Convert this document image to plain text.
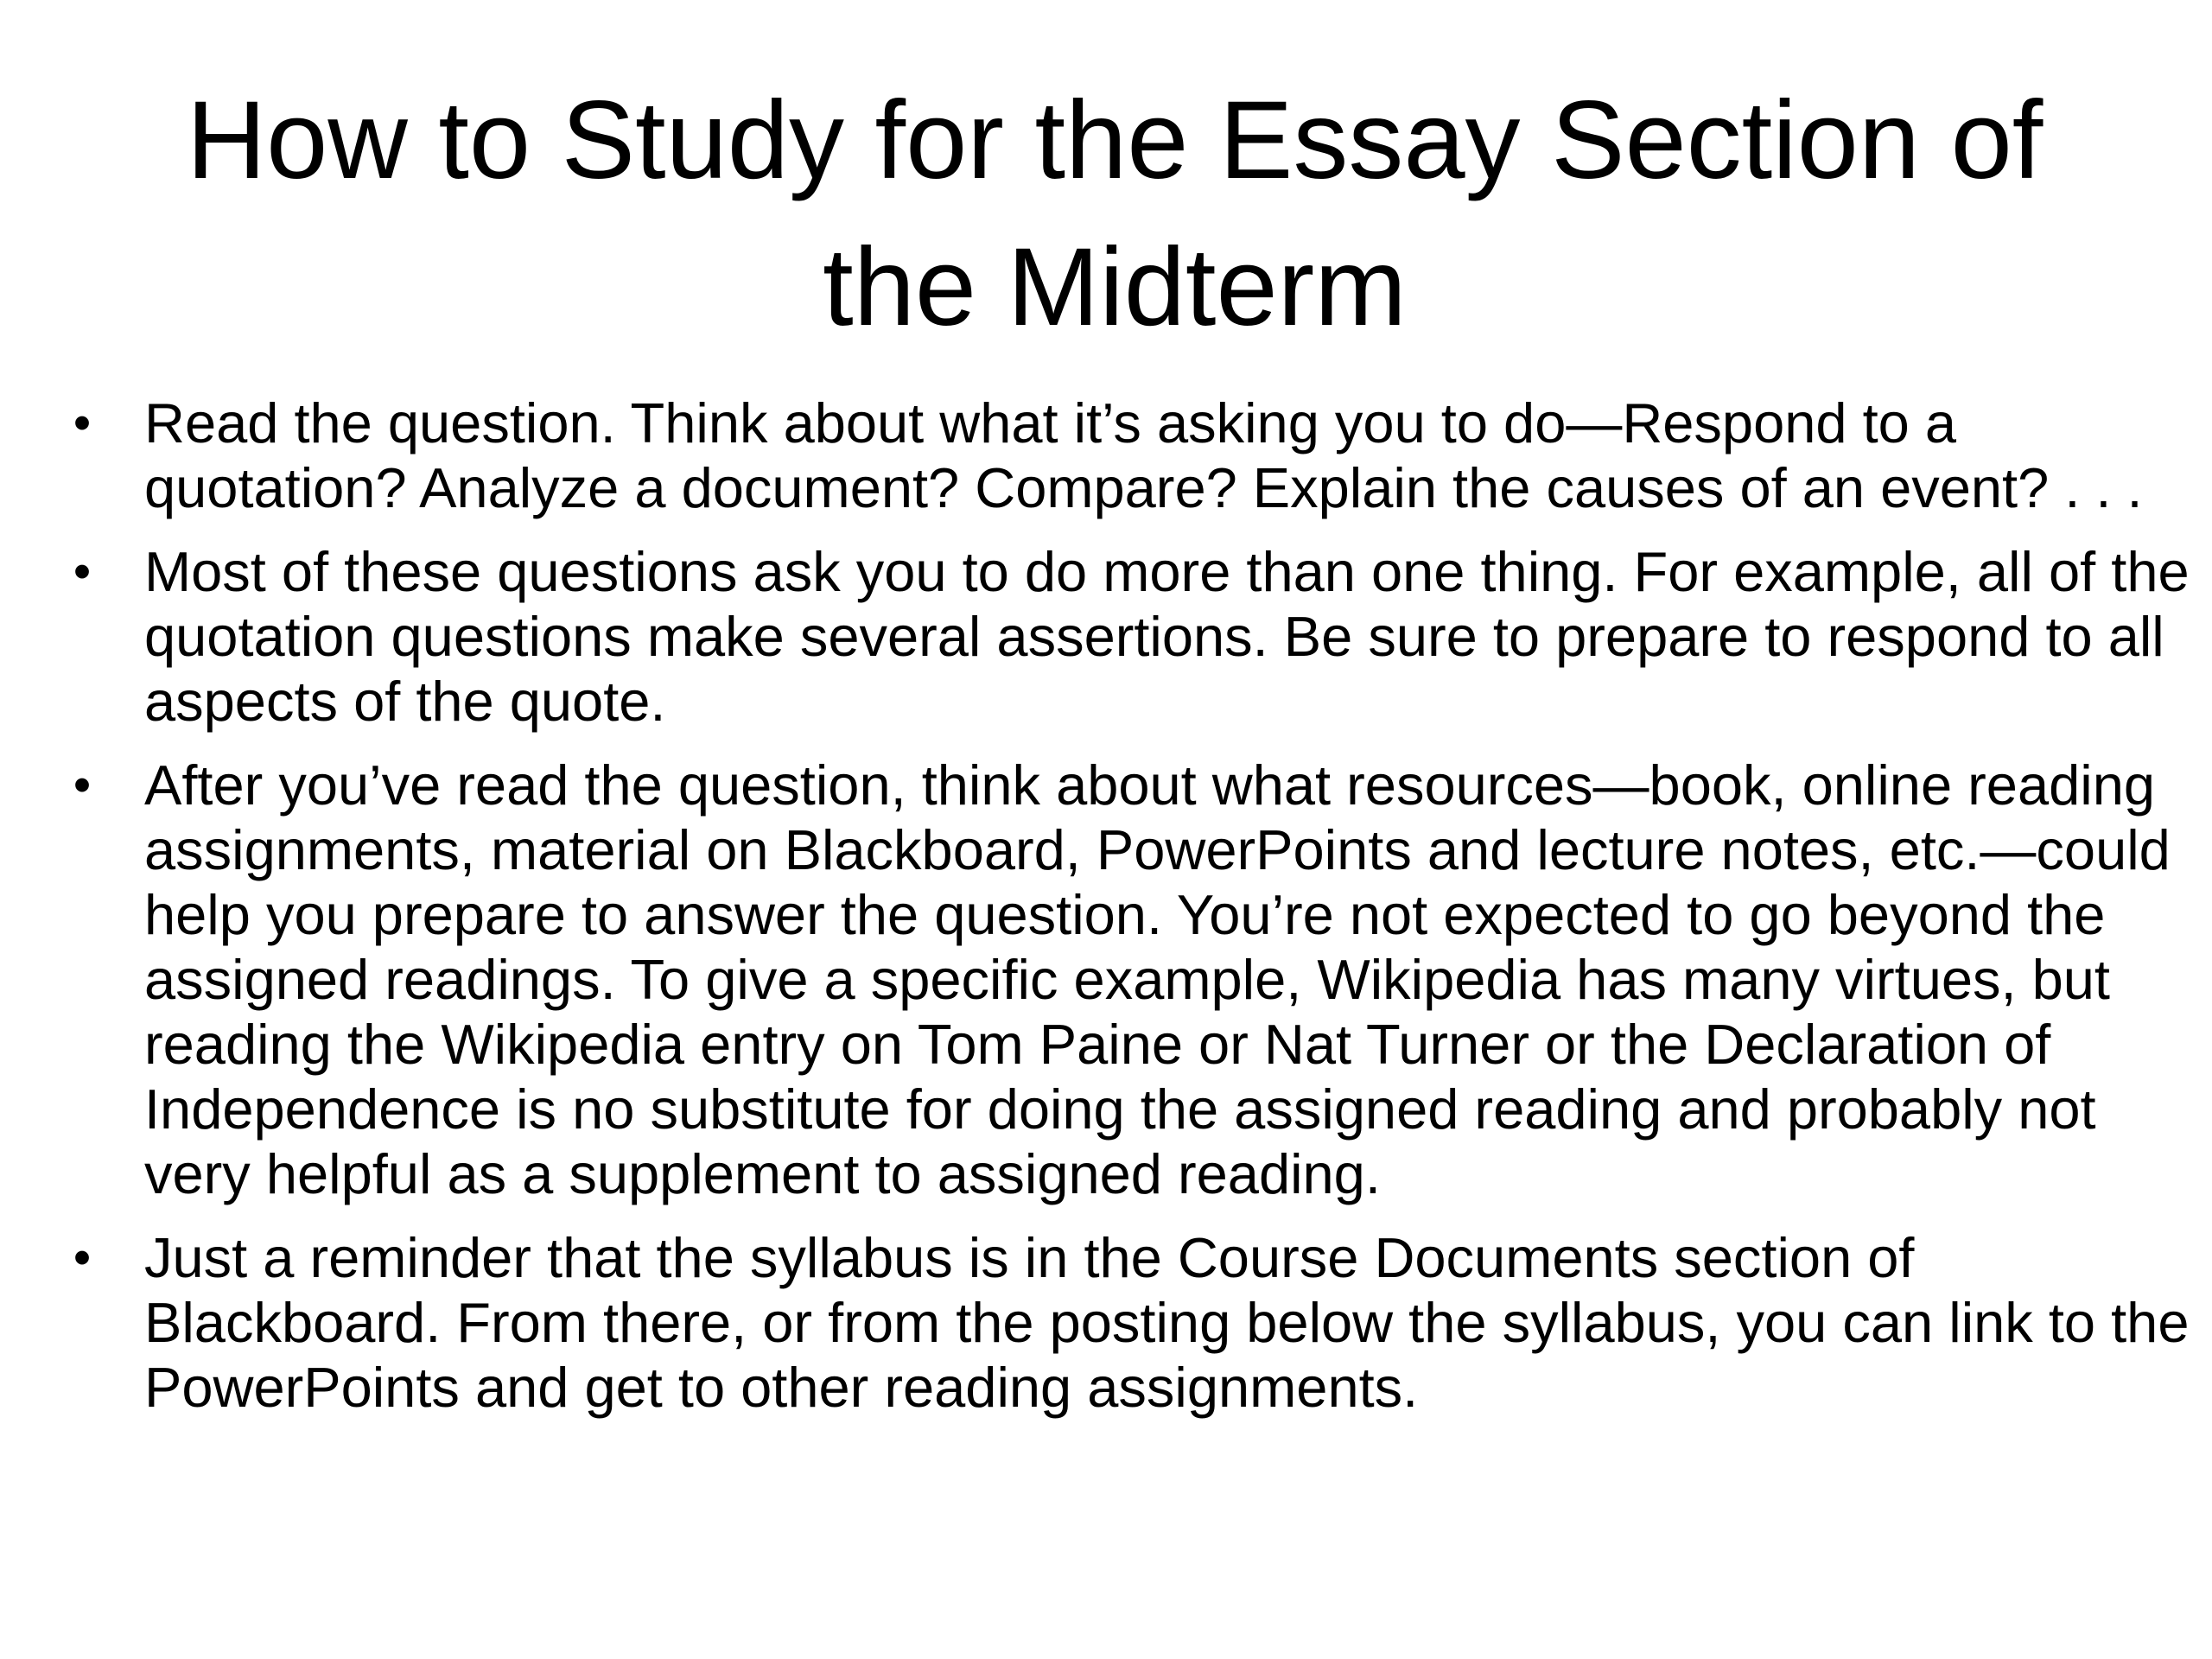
How to Study for the Essay Section of the Midterm
• Read the question. Think about what it’s asking you to do—Respond to a quotation? Analyze a document? Compare? Explain the causes of an event? . . .
• Most of these questions ask you to do more than one thing. For example, all of the quotation questions make several assertions. Be sure to prepare to respond to all aspects of the quote.
• After you’ve read the question, think about what resources—book, online reading assignments, material on Blackboard, PowerPoints and lecture notes, etc.—could help you prepare to answer the question. You’re not expected to go beyond the assigned readings. To give a specific example, Wikipedia has many virtues, but reading the Wikipedia entry on Tom Paine or Nat Turner or the Declaration of Independence is no substitute for doing the assigned reading and probably not very helpful as a supplement to assigned reading.
• Just a reminder that the syllabus is in the Course Documents section of Blackboard. From there, or from the posting below the syllabus, you can link to the PowerPoints and get to other reading assignments.
